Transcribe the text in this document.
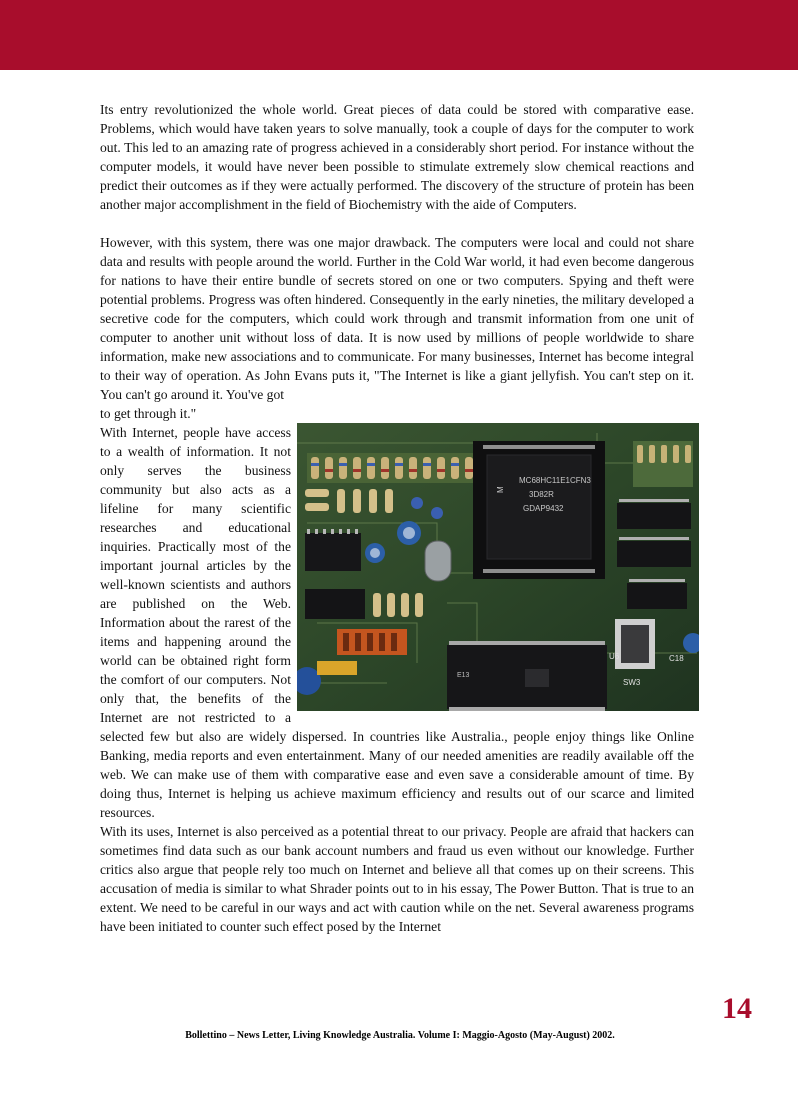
Its entry revolutionized the whole world. Great pieces of data could be stored with comparative ease. Problems, which would have taken years to solve manually, took a couple of days for the computer to work out. This led to an amazing rate of progress achieved in a considerably short period. For instance without the computer models, it would have never been possible to stimulate extremely slow chemical reactions and predict their outcomes as if they were actually performed. The discovery of the structure of protein has been another major accomplishment in the field of Biochemistry with the aide of Computers.

However, with this system, there was one major drawback. The computers were local and could not share data and results with people around the world. Further in the Cold War world, it had even become dangerous for nations to have their entire bundle of secrets stored on one or two computers. Spying and theft were potential problems. Progress was often hindered. Consequently in the early nineties, the military developed a secretive code for the computers, which could work through and transmit information from one unit of computer to another unit without loss of data. It is now used by millions of people worldwide to share information, make new associations and to communicate. For many businesses, Internet has become integral to their way of operation. As John Evans puts it, "The Internet is like a giant jellyfish. You can't step on it. You can't go around it. You've got

to get through it."

M
MC68HC11E1CFN3
3D82R
GDAP9432
E13
SW3
C18
U6

With Internet, people have access to a wealth of information. It not only serves the business community but also acts as a lifeline for many scientific researches and educational inquiries. Practically most of the important journal articles by the well-known scientists and authors are published on the Web. Information about the rarest of the items and happening around the world can be obtained right form the comfort of our computers. Not only that, the benefits of the Internet are not restricted to a selected few but also are widely dispersed. In countries like Australia., people enjoy things like Online Banking, media reports and even entertainment. Many of our needed amenities are readily available off the web. We can make use of them with comparative ease and even save a considerable amount of time. By doing thus, Internet is helping us achieve maximum efficiency and results out of our scarce and limited resources.

With its uses, Internet is also perceived as a potential threat to our privacy. People are afraid that hackers can sometimes find data such as our bank account numbers and fraud us even without our knowledge. Further critics also argue that people rely too much on Internet and believe all that comes up on their screens. This accusation of media is similar to what Shrader points out to in his essay, The Power Button. That is true to an extent. We need to be careful in our ways and act with caution while on the net. Several awareness programs have been initiated to counter such effect posed by the Internet

14
Bollettino – News Letter, Living Knowledge Australia. Volume I: Maggio-Agosto (May-August) 2002.
